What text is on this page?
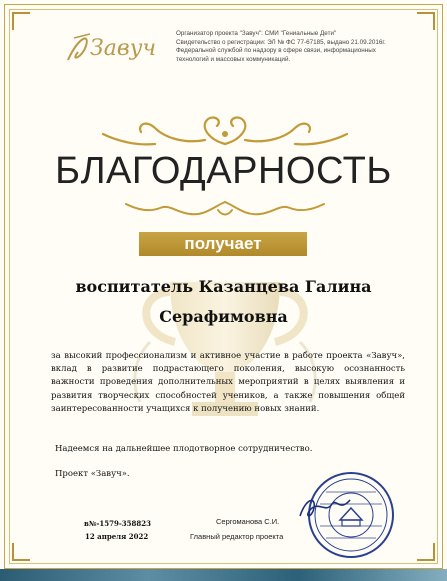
Завуч
Организатор проекта "Завуч": СМИ "Гениальные Дети"
Свидетельство о регистрации: ЭЛ № ФС 77-67185, выдано 21.09.2016г.
Федеральной службой по надзору в сфере связи, информационных
технологий и массовых коммуникаций.
БЛАГОДАРНОСТЬ
получает
воспитатель Казанцева Галина
Серафимовна
за высокий профессионализм и активное участие в работе проекта «Завуч», вклад в развитие подрастающего поколения, высокую осознанность важности проведения дополнительных мероприятий в целях выявления и развития творческих способностей учеников, а также повышения общей заинтересованности учащихся к получению новых знаний.
Надеемся на дальнейшее плодотворное сотрудничество.
Проект «Завуч».
в№-1579-358823
12 апреля 2022
Сергоманова С.И.
Главный редактор проекта
